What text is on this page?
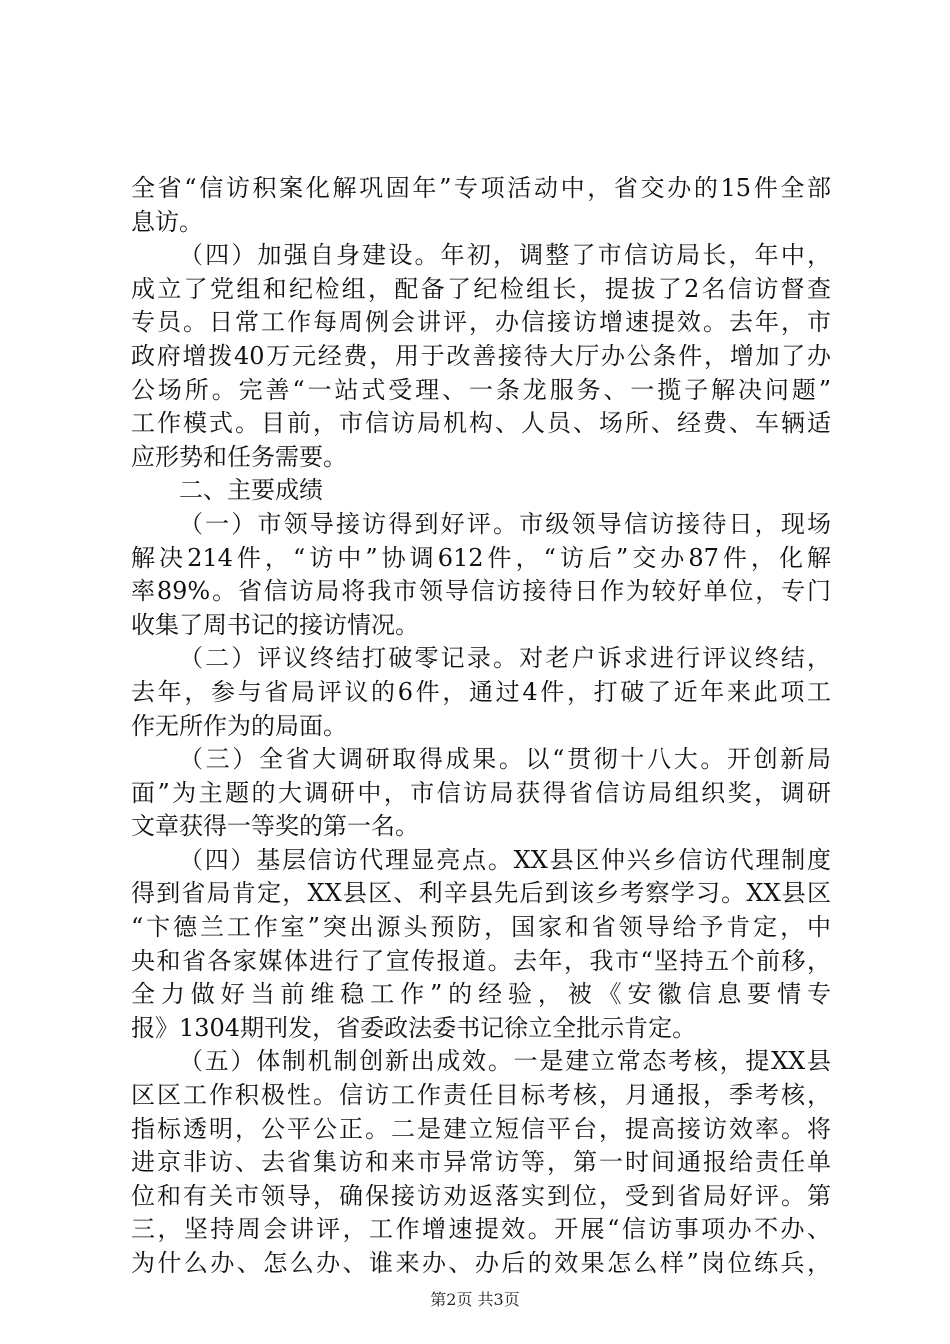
全省“信访积案化解巩固年”专项活动中，省交办的15件全部
息访。
（四）加强自身建设。年初，调整了市信访局长，年中，
成立了党组和纪检组，配备了纪检组长，提拔了2名信访督查
专员。日常工作每周例会讲评，办信接访增速提效。去年，市
政府增拨40万元经费，用于改善接待大厅办公条件，增加了办
公场所。完善“一站式受理、一条龙服务、一揽子解决问题”
工作模式。目前，市信访局机构、人员、场所、经费、车辆适
应形势和任务需要。
二、主要成绩
（一）市领导接访得到好评。市级领导信访接待日，现场
解决214件，“访中”协调612件，“访后”交办87件，化解
率89%。省信访局将我市领导信访接待日作为较好单位，专门
收集了周书记的接访情况。
（二）评议终结打破零记录。对老户诉求进行评议终结，
去年，参与省局评议的6件，通过4件，打破了近年来此项工
作无所作为的局面。
（三）全省大调研取得成果。以“贯彻十八大。开创新局
面”为主题的大调研中，市信访局获得省信访局组织奖，调研
文章获得一等奖的第一名。
（四）基层信访代理显亮点。XX县区仲兴乡信访代理制度
得到省局肯定，XX县区、利辛县先后到该乡考察学习。XX县区
“卞德兰工作室”突出源头预防，国家和省领导给予肯定，中
央和省各家媒体进行了宣传报道。去年，我市“坚持五个前移，
全力做好当前维稳工作”的经验，被《安徽信息要情专
报》1304期刊发，省委政法委书记徐立全批示肯定。
（五）体制机制创新出成效。一是建立常态考核，提XX县
区区工作积极性。信访工作责任目标考核，月通报，季考核，
指标透明，公平公正。二是建立短信平台，提高接访效率。将
进京非访、去省集访和来市异常访等，第一时间通报给责任单
位和有关市领导，确保接访劝返落实到位，受到省局好评。第
三，坚持周会讲评，工作增速提效。开展“信访事项办不办、
为什么办、怎么办、谁来办、办后的效果怎么样”岗位练兵，
第2页 共3页
